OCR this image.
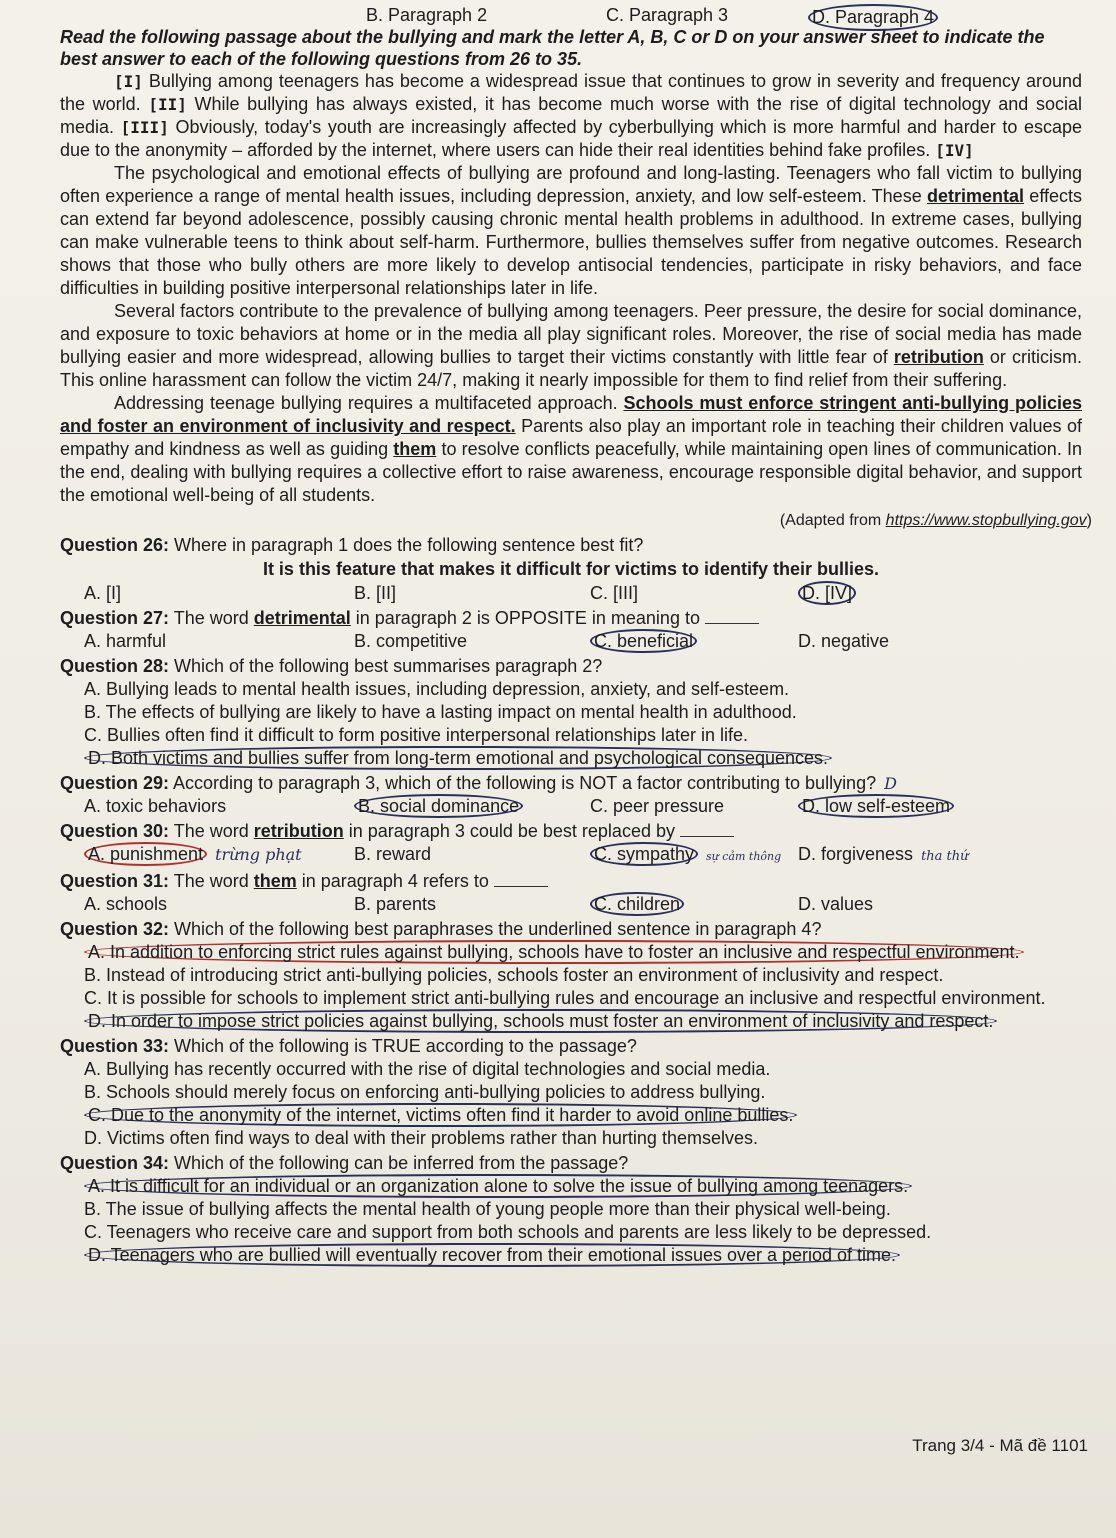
B. Paragraph 2	C. Paragraph 3	D. Paragraph 4
Read the following passage about the bullying and mark the letter A, B, C or D on your answer sheet to indicate the best answer to each of the following questions from 26 to 35.

[I] Bullying among teenagers has become a widespread issue that continues to grow in severity and frequency around the world. [II] While bullying has always existed, it has become much worse with the rise of digital technology and social media. [III] Obviously, today's youth are increasingly affected by cyberbullying which is more harmful and harder to escape due to the anonymity – afforded by the internet, where users can hide their real identities behind fake profiles. [IV]

The psychological and emotional effects of bullying are profound and long-lasting. Teenagers who fall victim to bullying often experience a range of mental health issues, including depression, anxiety, and low self-esteem. These detrimental effects can extend far beyond adolescence, possibly causing chronic mental health problems in adulthood. In extreme cases, bullying can make vulnerable teens to think about self-harm. Furthermore, bullies themselves suffer from negative outcomes. Research shows that those who bully others are more likely to develop antisocial tendencies, participate in risky behaviors, and face difficulties in building positive interpersonal relationships later in life.

Several factors contribute to the prevalence of bullying among teenagers. Peer pressure, the desire for social dominance, and exposure to toxic behaviors at home or in the media all play significant roles. Moreover, the rise of social media has made bullying easier and more widespread, allowing bullies to target their victims constantly with little fear of retribution or criticism. This online harassment can follow the victim 24/7, making it nearly impossible for them to find relief from their suffering.

Addressing teenage bullying requires a multifaceted approach. Schools must enforce stringent anti-bullying policies and foster an environment of inclusivity and respect. Parents also play an important role in teaching their children values of empathy and kindness as well as guiding them to resolve conflicts peacefully, while maintaining open lines of communication. In the end, dealing with bullying requires a collective effort to raise awareness, encourage responsible digital behavior, and support the emotional well-being of all students.

(Adapted from https://www.stopbullying.gov)
Question 26: Where in paragraph 1 does the following sentence best fit?
It is this feature that makes it difficult for victims to identify their bullies.
A. [I]	B. [II]	C. [III]	D. [IV]
Question 27: The word detrimental in paragraph 2 is OPPOSITE in meaning to
A. harmful	B. competitive	C. beneficial	D. negative
Question 28: Which of the following best summarises paragraph 2?
A. Bullying leads to mental health issues, including depression, anxiety, and self-esteem.
B. The effects of bullying are likely to have a lasting impact on mental health in adulthood.
C. Bullies often find it difficult to form positive interpersonal relationships later in life.
D. Both victims and bullies suffer from long-term emotional and psychological consequences.
Question 29: According to paragraph 3, which of the following is NOT a factor contributing to bullying? D
A. toxic behaviors	B. social dominance	C. peer pressure	D. low self-esteem
Question 30: The word retribution in paragraph 3 could be best replaced by
A. punishment trừng phạt	B. reward	C. sympathy sự cảm thông D. forgiveness tha thứ
Question 31: The word them in paragraph 4 refers to
A. schools	B. parents	C. children	D. values
Question 32: Which of the following best paraphrases the underlined sentence in paragraph 4?
A. In addition to enforcing strict rules against bullying, schools have to foster an inclusive and respectful environment.
B. Instead of introducing strict anti-bullying policies, schools foster an environment of inclusivity and respect.
C. It is possible for schools to implement strict anti-bullying rules and encourage an inclusive and respectful environment.
D. In order to impose strict policies against bullying, schools must foster an environment of inclusivity and respect.
Question 33: Which of the following is TRUE according to the passage?
A. Bullying has recently occurred with the rise of digital technologies and social media.
B. Schools should merely focus on enforcing anti-bullying policies to address bullying.
C. Due to the anonymity of the internet, victims often find it harder to avoid online bullies.
D. Victims often find ways to deal with their problems rather than hurting themselves.
Question 34: Which of the following can be inferred from the passage?
A. It is difficult for an individual or an organization alone to solve the issue of bullying among teenagers.
B. The issue of bullying affects the mental health of young people more than their physical well-being.
C. Teenagers who receive care and support from both schools and parents are less likely to be depressed.
D. Teenagers who are bullied will eventually recover from their emotional issues over a period of time.
Trang 3/4 - Mã đề 1101
